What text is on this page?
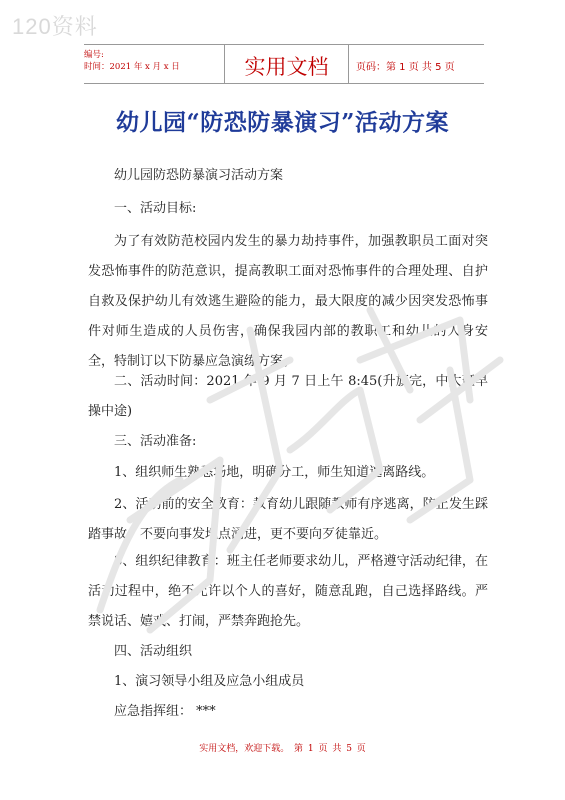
120资料
编号:
时间：2021 年 x 月 x 日	实用文档	页码：第 1 页 共 5 页
幼儿园“防恐防暴演习”活动方案

幼儿园防恐防暴演习活动方案

一、活动目标:

为了有效防范校园内发生的暴力劫持事件，加强教职员工面对突发恐怖事件的防范意识，提高教职工面对恐怖事件的合理处理、自护自救及保护幼儿有效逃生避险的能力，最大限度的减少因突发恐怖事件对师生造成的人员伤害，确保我园内部的教职工和幼儿的人身安全，特制订以下防暴应急演练方案。

二、活动时间：2021 年 9 月 7 日上午 8:45(升旗完，中大班早操中途)

三、活动准备:

1、组织师生熟悉场地，明确分工，师生知道逃离路线。

2、活动前的安全教育：教育幼儿跟随教师有序逃离，防止发生踩踏事故，不要向事发地点涌进，更不要向歹徒靠近。

3、组织纪律教育：班主任老师要求幼儿，严格遵守活动纪律，在活动过程中，绝不允许以个人的喜好，随意乱跑，自己选择路线。严禁说话、嬉戏、打闹，严禁奔跑抢先。

四、活动组织

1、演习领导小组及应急小组成员

应急指挥组： ***

实用文档，欢迎下载。 第 1 页 共 5 页
